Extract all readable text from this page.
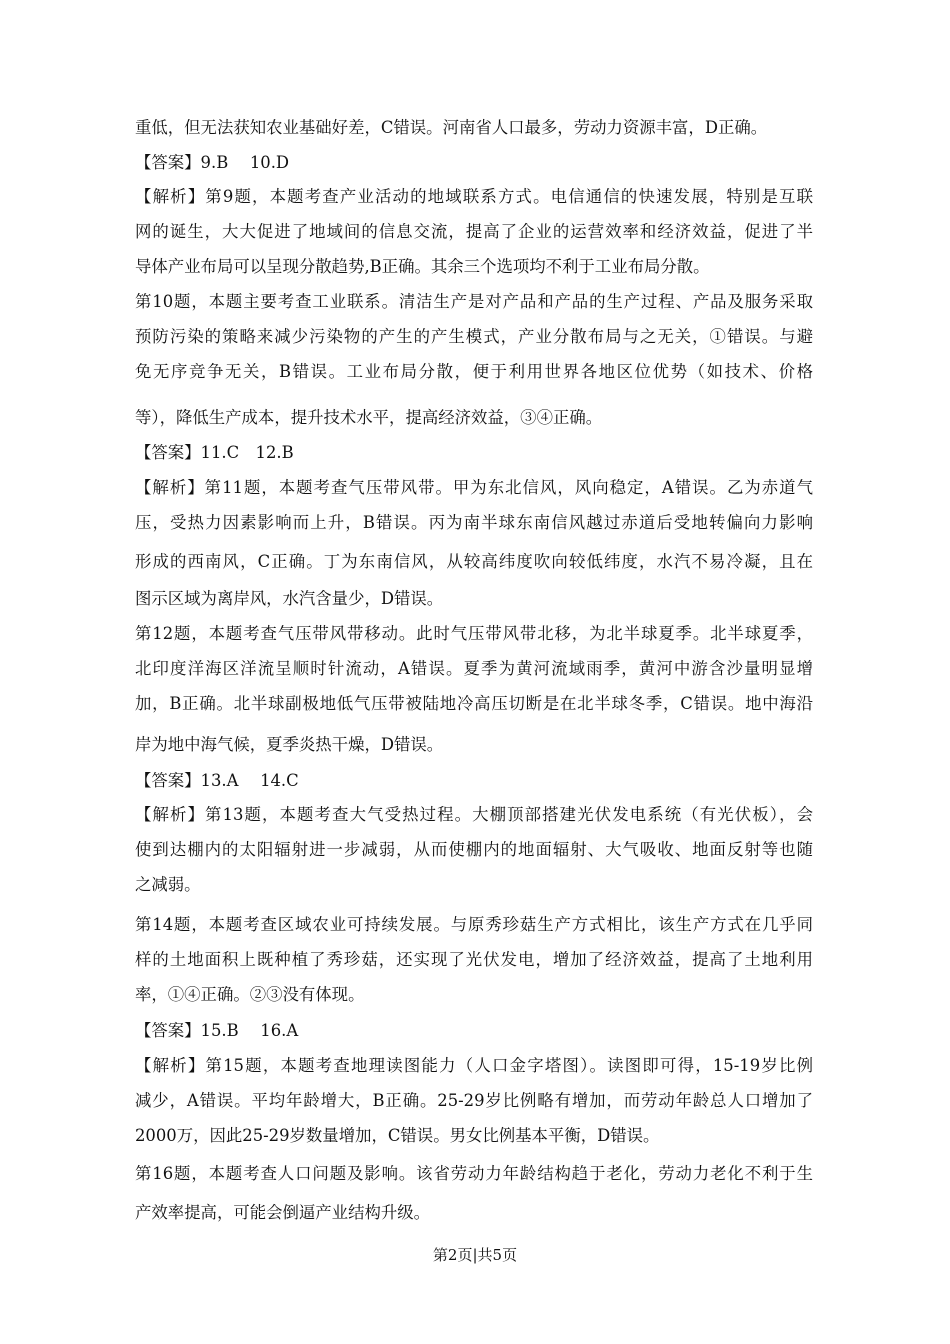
重低，但无法获知农业基础好差，C错误。河南省人口最多，劳动力资源丰富，D正确。
【答案】9.B　 10.D
【解析】第9题，本题考查产业活动的地域联系方式。电信通信的快速发展，特别是互联
网的诞生，大大促进了地域间的信息交流，提高了企业的运营效率和经济效益，促进了半
导体产业布局可以呈现分散趋势,B正确。其余三个选项均不利于工业布局分散。
第10题，本题主要考查工业联系。清洁生产是对产品和产品的生产过程、产品及服务采取
预防污染的策略来减少污染物的产生的产生模式，产业分散布局与之无关，①错误。与避
免无序竞争无关，B错误。工业布局分散，便于利用世界各地区位优势（如技术、价格
等），降低生产成本，提升技术水平，提高经济效益，③④正确。
【答案】11.C　12.B
【解析】第11题，本题考查气压带风带。甲为东北信风，风向稳定，A错误。乙为赤道气
压，受热力因素影响而上升，B错误。丙为南半球东南信风越过赤道后受地转偏向力影响
形成的西南风，C正确。丁为东南信风，从较高纬度吹向较低纬度，水汽不易冷凝，且在
图示区域为离岸风，水汽含量少，D错误。
第12题，本题考查气压带风带移动。此时气压带风带北移，为北半球夏季。北半球夏季，
北印度洋海区洋流呈顺时针流动，A错误。夏季为黄河流域雨季，黄河中游含沙量明显增
加，B正确。北半球副极地低气压带被陆地冷高压切断是在北半球冬季，C错误。地中海沿
岸为地中海气候，夏季炎热干燥，D错误。
【答案】13.A　 14.C
【解析】第13题，本题考查大气受热过程。大棚顶部搭建光伏发电系统（有光伏板），会
使到达棚内的太阳辐射进一步减弱，从而使棚内的地面辐射、大气吸收、地面反射等也随
之减弱。
第14题，本题考查区域农业可持续发展。与原秀珍菇生产方式相比，该生产方式在几乎同
样的土地面积上既种植了秀珍菇，还实现了光伏发电，增加了经济效益，提高了土地利用
率，①④正确。②③没有体现。
【答案】15.B　 16.A
【解析】第15题，本题考查地理读图能力（人口金字塔图）。读图即可得，15-19岁比例
减少，A错误。平均年龄增大，B正确。25-29岁比例略有增加，而劳动年龄总人口增加了
2000万，因此25-29岁数量增加，C错误。男女比例基本平衡，D错误。
第16题，本题考查人口问题及影响。该省劳动力年龄结构趋于老化，劳动力老化不利于生
产效率提高，可能会倒逼产业结构升级。
第2页|共5页
